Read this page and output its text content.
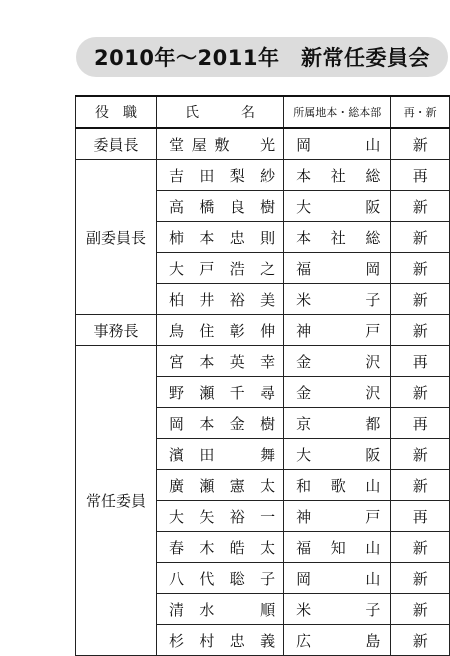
2010年～2011年　新常任委員会
役　職	氏　　　名	所属地本・総本部	再・新
委員長	堂屋敷　光	岡山	新
副委員長	吉田梨紗	本社総	再
	高橋良樹	大阪	新
	柿本忠則	本社総	新
	大戸浩之	福岡	新
	柏井裕美	米子	新
事務長	鳥住彰伸	神戸	新
常任委員	宮本英幸	金沢	再
	野瀬千尋	金沢	新
	岡本金樹	京都	再
	濱田　舞	大阪	新
	廣瀬憲太	和歌山	新
	大矢裕一	神戸	再
	春木皓太	福知山	新
	八代聡子	岡山	新
	清水　順	米子	新
	杉村忠義	広島	新
